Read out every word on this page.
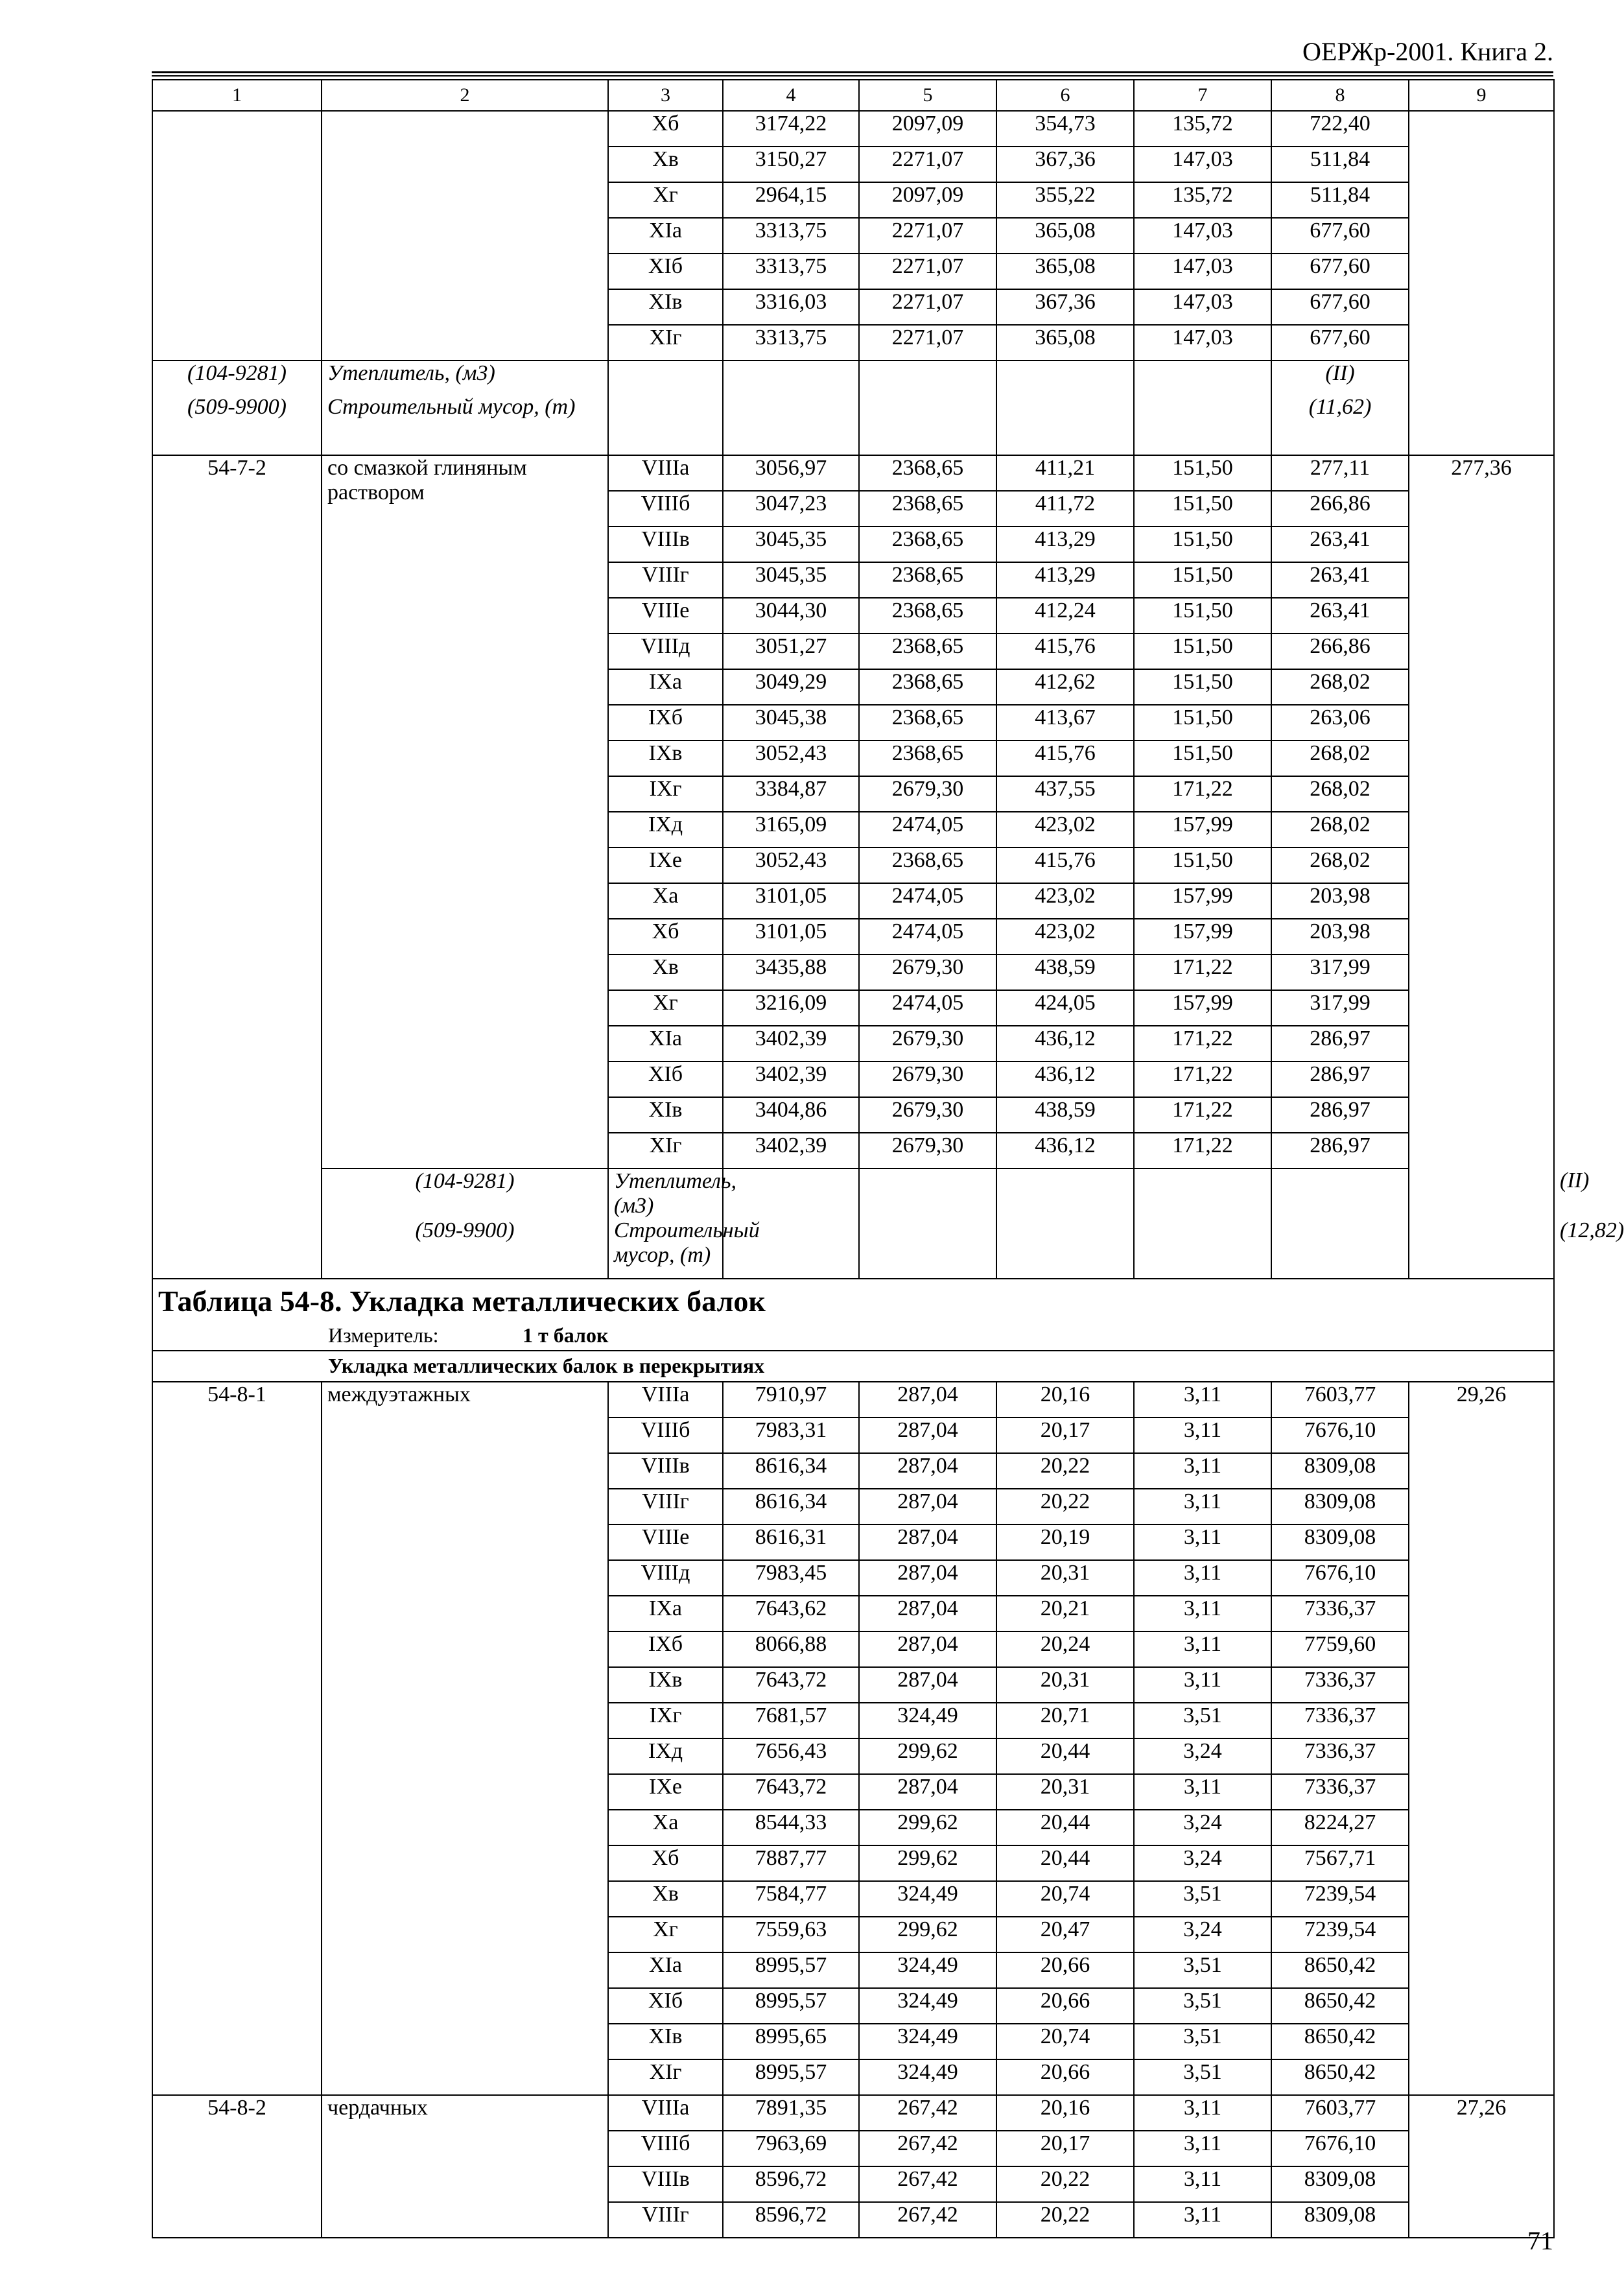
ОЕРЖр-2001. Книга 2.
1	2	3	4	5	6	7	8	9	
		Xб	3174,22	2097,09	354,73	135,72	722,40		
		Xв	3150,27	2271,07	367,36	147,03	511,84		
		Xг	2964,15	2097,09	355,22	135,72	511,84		
		XIa	3313,75	2271,07	365,08	147,03	677,60		
		XIб	3313,75	2271,07	365,08	147,03	677,60		
		XIв	3316,03	2271,07	367,36	147,03	677,60		
		XIг	3313,75	2271,07	365,08	147,03	677,60		
(104-9281)	Утеплитель, (м3)						(II)		
(509-9900)	Строительный мусор, (т)						(11,62)		
54-7-2	со смазкой глиняным раствором	VIIIa	3056,97	2368,65	411,21	151,50	277,11	277,36	
		VIIIб	3047,23	2368,65	411,72	151,50	266,86		
		VIIIв	3045,35	2368,65	413,29	151,50	263,41		
		VIIIг	3045,35	2368,65	413,29	151,50	263,41		
		VIIIe	3044,30	2368,65	412,24	151,50	263,41		
		VIIIд	3051,27	2368,65	415,76	151,50	266,86		
		IXa	3049,29	2368,65	412,62	151,50	268,02		
		IXб	3045,38	2368,65	413,67	151,50	263,06		
		IXв	3052,43	2368,65	415,76	151,50	268,02		
		IXг	3384,87	2679,30	437,55	171,22	268,02		
		IXд	3165,09	2474,05	423,02	157,99	268,02		
		IXe	3052,43	2368,65	415,76	151,50	268,02		
		Xa	3101,05	2474,05	423,02	157,99	203,98		
		Xб	3101,05	2474,05	423,02	157,99	203,98		
		Xв	3435,88	2679,30	438,59	171,22	317,99		
		Xг	3216,09	2474,05	424,05	157,99	317,99		
		XIa	3402,39	2679,30	436,12	171,22	286,97		
		XIб	3402,39	2679,30	436,12	171,22	286,97		
		XIв	3404,86	2679,30	438,59	171,22	286,97		
		XIг	3402,39	2679,30	436,12	171,22	286,97		
	(104-9281)	Утеплитель, (м3)							(II)
	(509-9900)	Строительный мусор, (т)							(12,82)

Таблица 54-8. Укладка металлических балок
Измеритель: 1 т балок									

Укладка металлических балок в перекрытиях									
54-8-1	междуэтажных	VIIIa	7910,97	287,04	20,16	3,11	7603,77	29,26	
		VIIIб	7983,31	287,04	20,17	3,11	7676,10		
		VIIIв	8616,34	287,04	20,22	3,11	8309,08		
		VIIIг	8616,34	287,04	20,22	3,11	8309,08		
		VIIIe	8616,31	287,04	20,19	3,11	8309,08		
		VIIIд	7983,45	287,04	20,31	3,11	7676,10		
		IXa	7643,62	287,04	20,21	3,11	7336,37		
		IXб	8066,88	287,04	20,24	3,11	7759,60		
		IXв	7643,72	287,04	20,31	3,11	7336,37		
		IXг	7681,57	324,49	20,71	3,51	7336,37		
		IXд	7656,43	299,62	20,44	3,24	7336,37		
		IXe	7643,72	287,04	20,31	3,11	7336,37		
		Xa	8544,33	299,62	20,44	3,24	8224,27		
		Xб	7887,77	299,62	20,44	3,24	7567,71		
		Xв	7584,77	324,49	20,74	3,51	7239,54		
		Xг	7559,63	299,62	20,47	3,24	7239,54		
		XIa	8995,57	324,49	20,66	3,51	8650,42		
		XIб	8995,57	324,49	20,66	3,51	8650,42		
		XIв	8995,65	324,49	20,74	3,51	8650,42		
		XIг	8995,57	324,49	20,66	3,51	8650,42		
54-8-2	чердачных	VIIIa	7891,35	267,42	20,16	3,11	7603,77	27,26	
		VIIIб	7963,69	267,42	20,17	3,11	7676,10		
		VIIIв	8596,72	267,42	20,22	3,11	8309,08		
		VIIIг	8596,72	267,42	20,22	3,11	8309,08		
71
